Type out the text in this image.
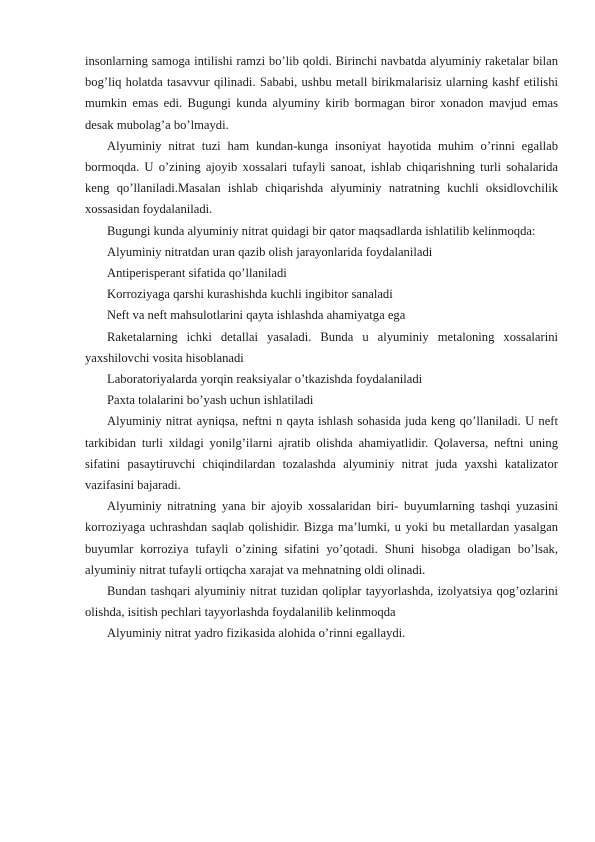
insonlarning samoga intilishi ramzi bo’lib qoldi. Birinchi navbatda alyuminiy raketalar bilan bog’liq holatda tasavvur qilinadi. Sababi, ushbu metall birikmalarisiz ularning kashf etilishi mumkin emas edi. Bugungi kunda alyuminy kirib bormagan biror xonadon mavjud emas desak mubolag’a bo’lmaydi.

Alyuminiy nitrat tuzi ham kundan-kunga insoniyat hayotida muhim o’rinni egallab bormoqda. U o’zining ajoyib xossalari tufayli sanoat, ishlab chiqarishning turli sohalarida keng qo’llaniladi.Masalan ishlab chiqarishda alyuminiy natratning kuchli oksidlovchilik xossasidan foydalaniladi.

Bugungi kunda alyuminiy nitrat quidagi bir qator maqsadlarda ishlatilib kelinmoqda:

Alyuminiy nitratdan uran qazib olish jarayonlarida foydalaniladi

Antiperisperant sifatida qo’llaniladi

Korroziyaga qarshi kurashishda kuchli ingibitor sanaladi

Neft va neft mahsulotlarini qayta ishlashda ahamiyatga ega

Raketalarning ichki detallai yasaladi. Bunda u alyuminiy metaloning xossalarini yaxshilovchi vosita hisoblanadi

Laboratoriyalarda yorqin reaksiyalar o’tkazishda foydalaniladi

Paxta tolalarini bo’yash uchun ishlatiladi

Alyuminiy nitrat ayniqsa, neftni n qayta ishlash sohasida juda keng qo’llaniladi. U neft tarkibidan turli xildagi yonilg’ilarni ajratib olishda ahamiyatlidir. Qolaversa, neftni uning sifatini pasaytiruvchi chiqindilardan tozalashda alyuminiy nitrat juda yaxshi katalizator vazifasini bajaradi.

Alyuminiy nitratning yana bir ajoyib xossalaridan biri- buyumlarning tashqi yuzasini korroziyaga uchrashdan saqlab qolishidir. Bizga ma’lumki, u yoki bu metallardan yasalgan buyumlar korroziya tufayli o’zining sifatini yo’qotadi. Shuni hisobga oladigan bo’lsak, alyuminiy nitrat tufayli ortiqcha xarajat va mehnatning oldi olinadi.

Bundan tashqari alyuminiy nitrat tuzidan qoliplar tayyorlashda, izolyatsiya qog’ozlarini olishda, isitish pechlari tayyorlashda foydalanilib kelinmoqda

Alyuminiy nitrat yadro fizikasida alohida o’rinni egallaydi.
